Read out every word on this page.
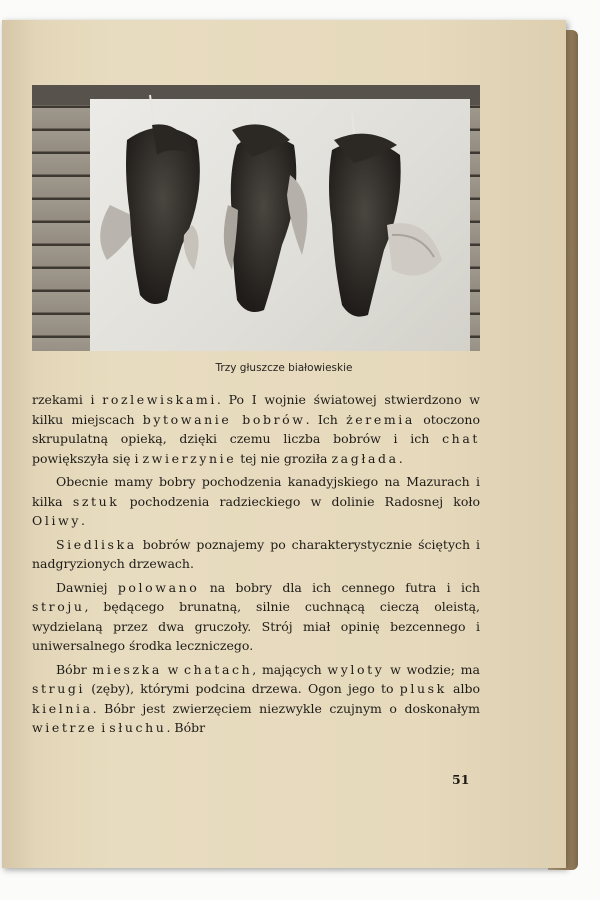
Trzy głuszcze białowieskie

rzekami i rozlewiskami. Po I wojnie światowej stwierdzono w kilku miejscach bytowanie bobrów. Ich żeremia otoczono skrupulatną opieką, dzięki czemu liczba bobrów i ich chat powiększyła się i zwierzynie tej nie groziła zagłada.

Obecnie mamy bobry pochodzenia kanadyjskiego na Mazurach i kilka sztuk pochodzenia radzieckiego w dolinie Radosnej koło Oliwy.

Siedliska bobrów poznajemy po charakterystycznie ściętych i nadgryzionych drzewach.

Dawniej polowano na bobry dla ich cennego futra i ich stroju, będącego brunatną, silnie cuchnącą cieczą oleistą, wydzielaną przez dwa gruczoły. Strój miał opinię bezcennego i uniwersalnego środka leczniczego.

Bóbr mieszka w chatach, mających wyloty w wodzie; ma strugi (zęby), którymi podcina drzewa. Ogon jego to plusk albo kielnia. Bóbr jest zwierzęciem niezwykle czujnym o doskonałym wietrze i słuchu. Bóbr

51
